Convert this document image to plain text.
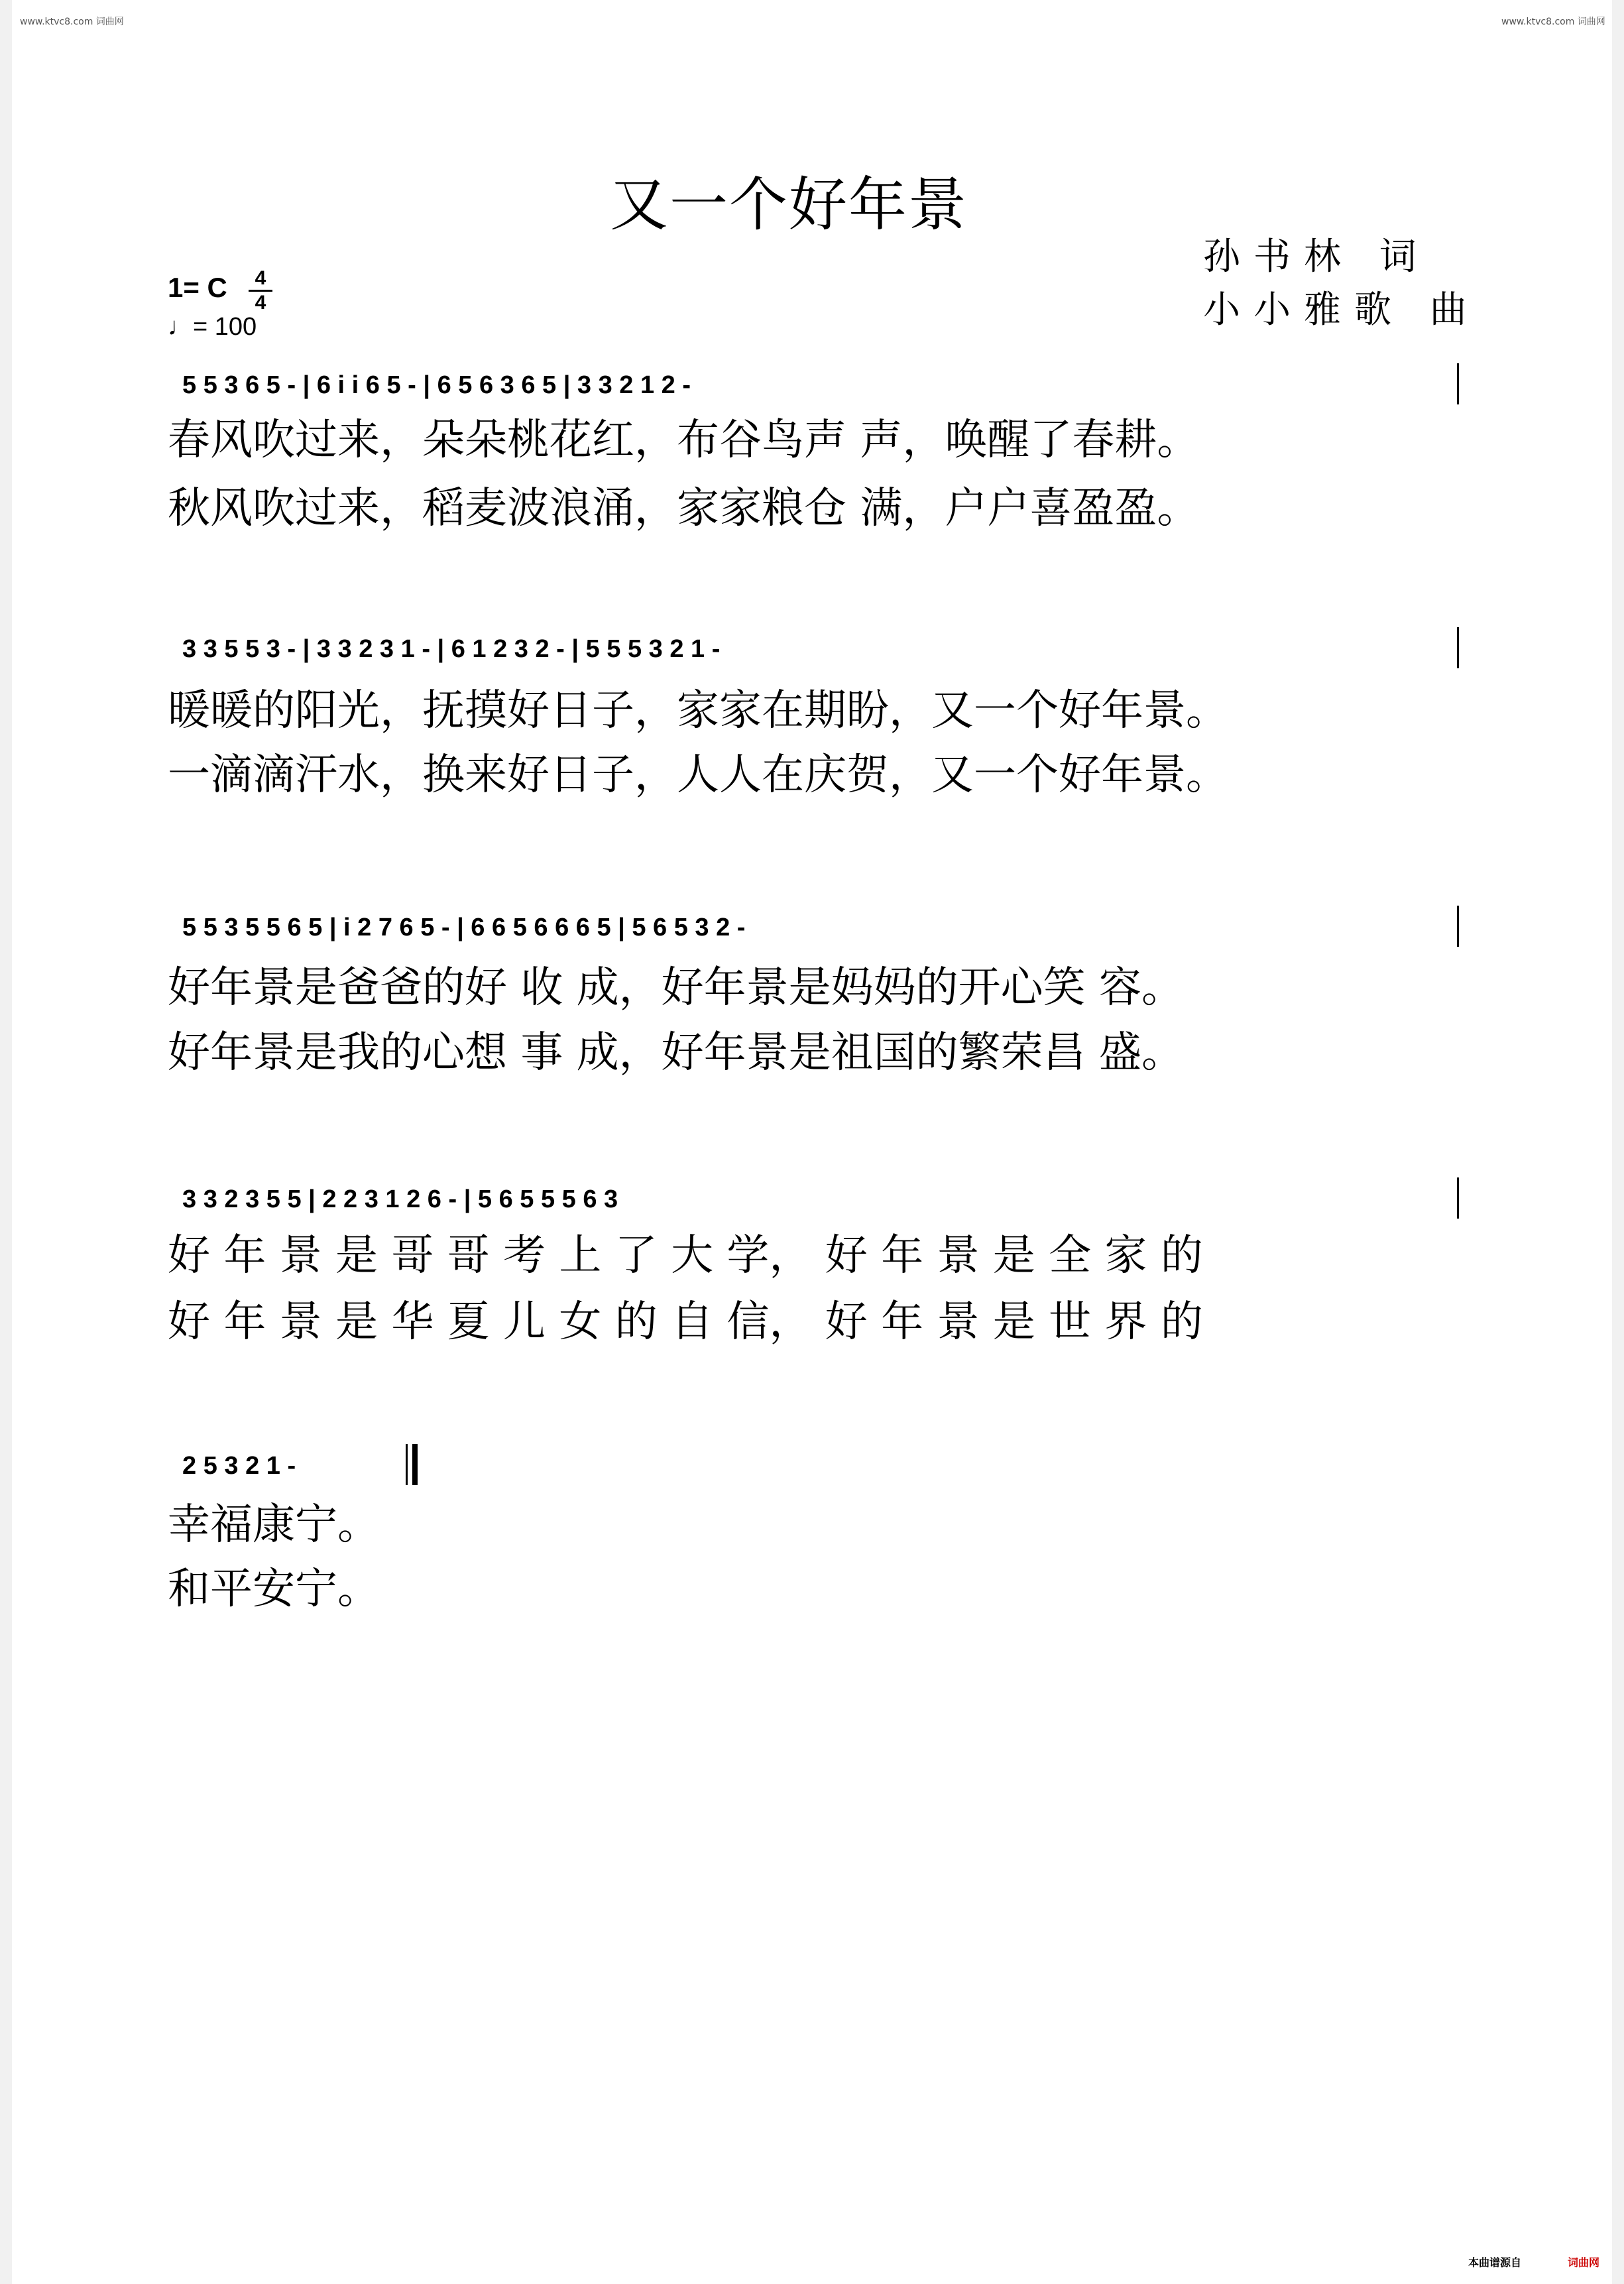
www.ktvc8.com 词曲网	www.ktvc8.com 词曲网
又一个好年景
孙书林 词
小小雅歌 曲
1= C	4
4
♩= 100
5 5 3 6 5 - | 6 i i 6 5 - | 6 5 6 3 6 5 | 3 3 2 1 2 -
春风吹过来，朵朵桃花红，布谷鸟声 声，唤醒了春耕。
秋风吹过来，稻麦波浪涌，家家粮仓 满，户户喜盈盈。
3 3 5 5 3 - | 3 3 2 3 1 - | 6 1 2 3 2 - | 5 5 5 3 2 1 -
暖暖的阳光，抚摸好日子，家家在期盼，又一个好年景。
一滴滴汗水，换来好日子，人人在庆贺，又一个好年景。
5 5 3 5 5 6 5 | i 2 7 6 5 - | 6 6 5 6 6 6 5 | 5 6 5 3 2 -
好年景是爸爸的好 收 成，好年景是妈妈的开心笑 容。
好年景是我的心想 事 成，好年景是祖国的繁荣昌 盛。
3 3 2 3 5 5 | 2 2 3 1 2 6 - | 5 6 5 5 5 6 3
好 年 景 是 哥 哥 考 上 了 大 学， 好 年 景 是 全 家 的
好 年 景 是 华 夏 儿 女 的 自 信， 好 年 景 是 世 界 的
2 5 3 2 1 -
幸福康宁。
和平安宁。
本曲谱源自	词曲网
